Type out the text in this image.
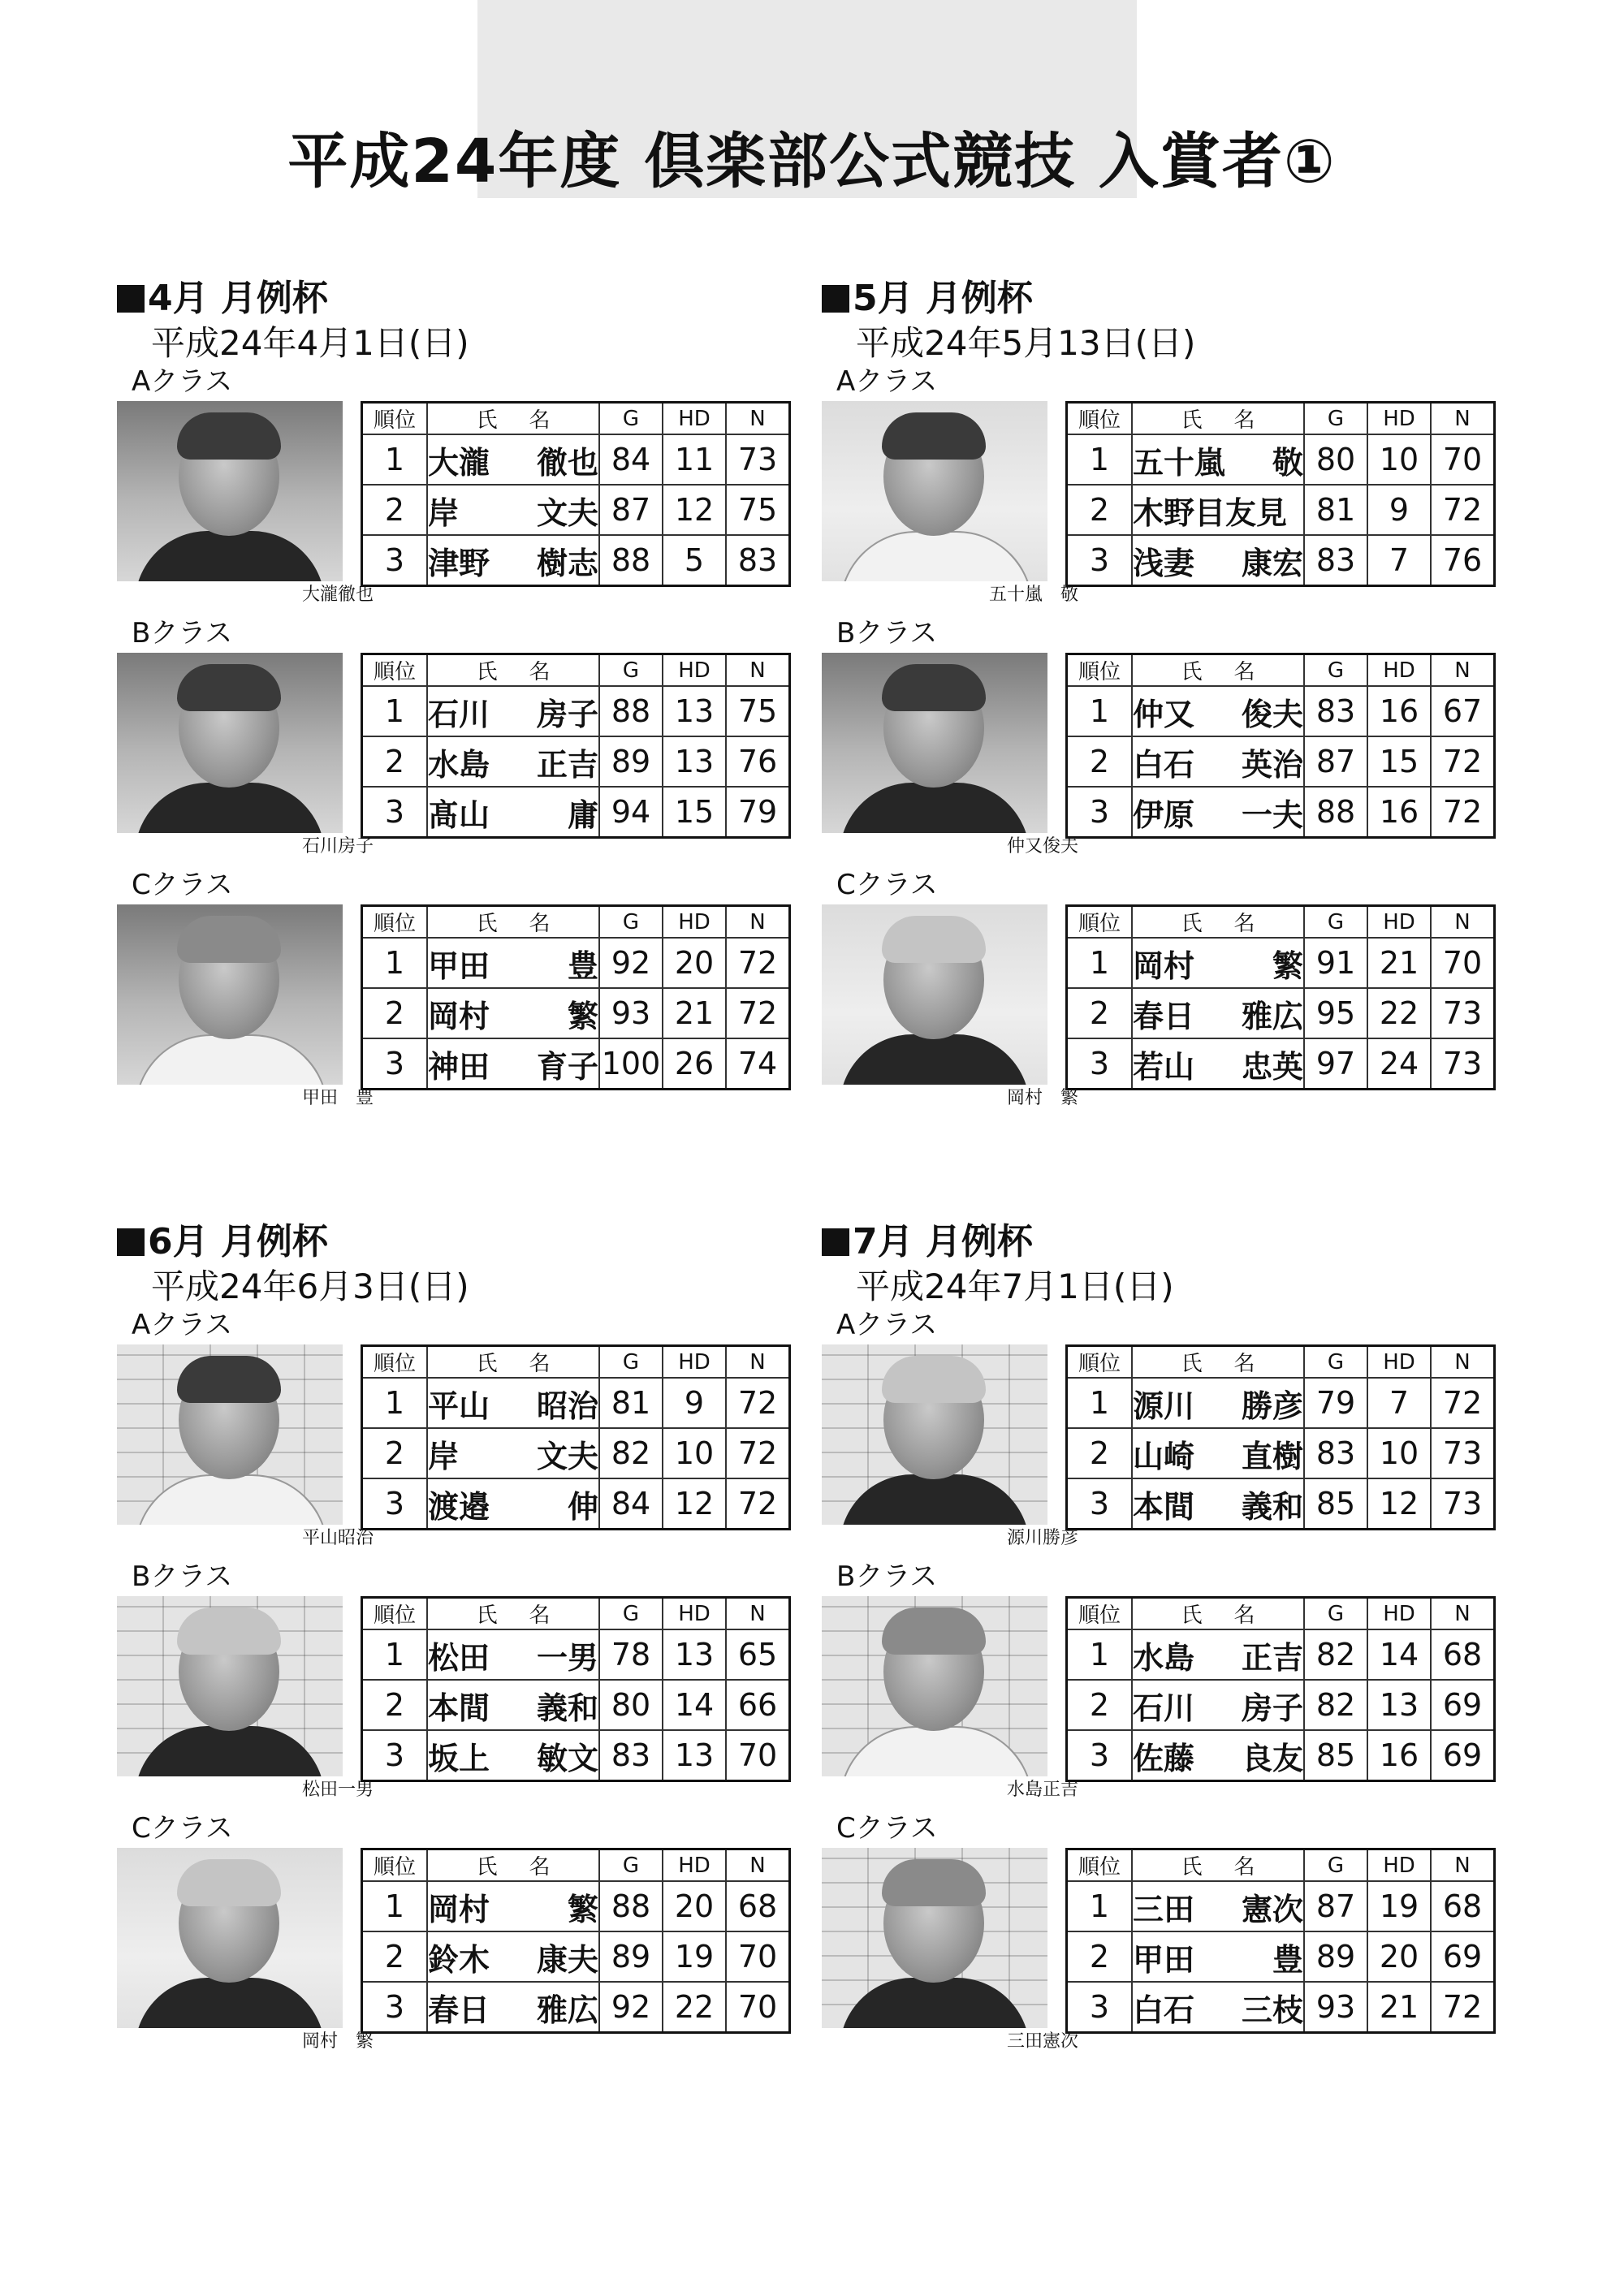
平成24年度 倶楽部公式競技 入賞者①
4月 月例杯
平成24年4月1日(日)
Aクラス
大瀧徹也
順位	氏 名	G	HD	N
1	大瀧 徹也	84	11	73
2	岸 文夫	87	12	75
3	津野 樹志	88	5	83
Bクラス
石川房子
順位	氏 名	G	HD	N
1	石川 房子	88	13	75
2	水島 正吉	89	13	76
3	髙山 庸	94	15	79
Cクラス
甲田　豊
順位	氏 名	G	HD	N
1	甲田 豊	92	20	72
2	岡村 繁	93	21	72
3	神田 育子	100	26	74
5月 月例杯
平成24年5月13日(日)
Aクラス
五十嵐　敬
順位	氏 名	G	HD	N
1	五十嵐 敬	80	10	70
2	木野目友見	81	9	72
3	浅妻 康宏	83	7	76
Bクラス
仲又俊夫
順位	氏 名	G	HD	N
1	仲又 俊夫	83	16	67
2	白石 英治	87	15	72
3	伊原 一夫	88	16	72
Cクラス
岡村　繁
順位	氏 名	G	HD	N
1	岡村 繁	91	21	70
2	春日 雅広	95	22	73
3	若山 忠英	97	24	73
6月 月例杯
平成24年6月3日(日)
Aクラス
平山昭治
順位	氏 名	G	HD	N
1	平山 昭治	81	9	72
2	岸 文夫	82	10	72
3	渡邉 伸	84	12	72
Bクラス
松田一男
順位	氏 名	G	HD	N
1	松田 一男	78	13	65
2	本間 義和	80	14	66
3	坂上 敏文	83	13	70
Cクラス
岡村　繁
順位	氏 名	G	HD	N
1	岡村 繁	88	20	68
2	鈴木 康夫	89	19	70
3	春日 雅広	92	22	70
7月 月例杯
平成24年7月1日(日)
Aクラス
源川勝彦
順位	氏 名	G	HD	N
1	源川 勝彦	79	7	72
2	山崎 直樹	83	10	73
3	本間 義和	85	12	73
Bクラス
水島正吉
順位	氏 名	G	HD	N
1	水島 正吉	82	14	68
2	石川 房子	82	13	69
3	佐藤 良友	85	16	69
Cクラス
三田憲次
順位	氏 名	G	HD	N
1	三田 憲次	87	19	68
2	甲田 豊	89	20	69
3	白石 三枝	93	21	72
